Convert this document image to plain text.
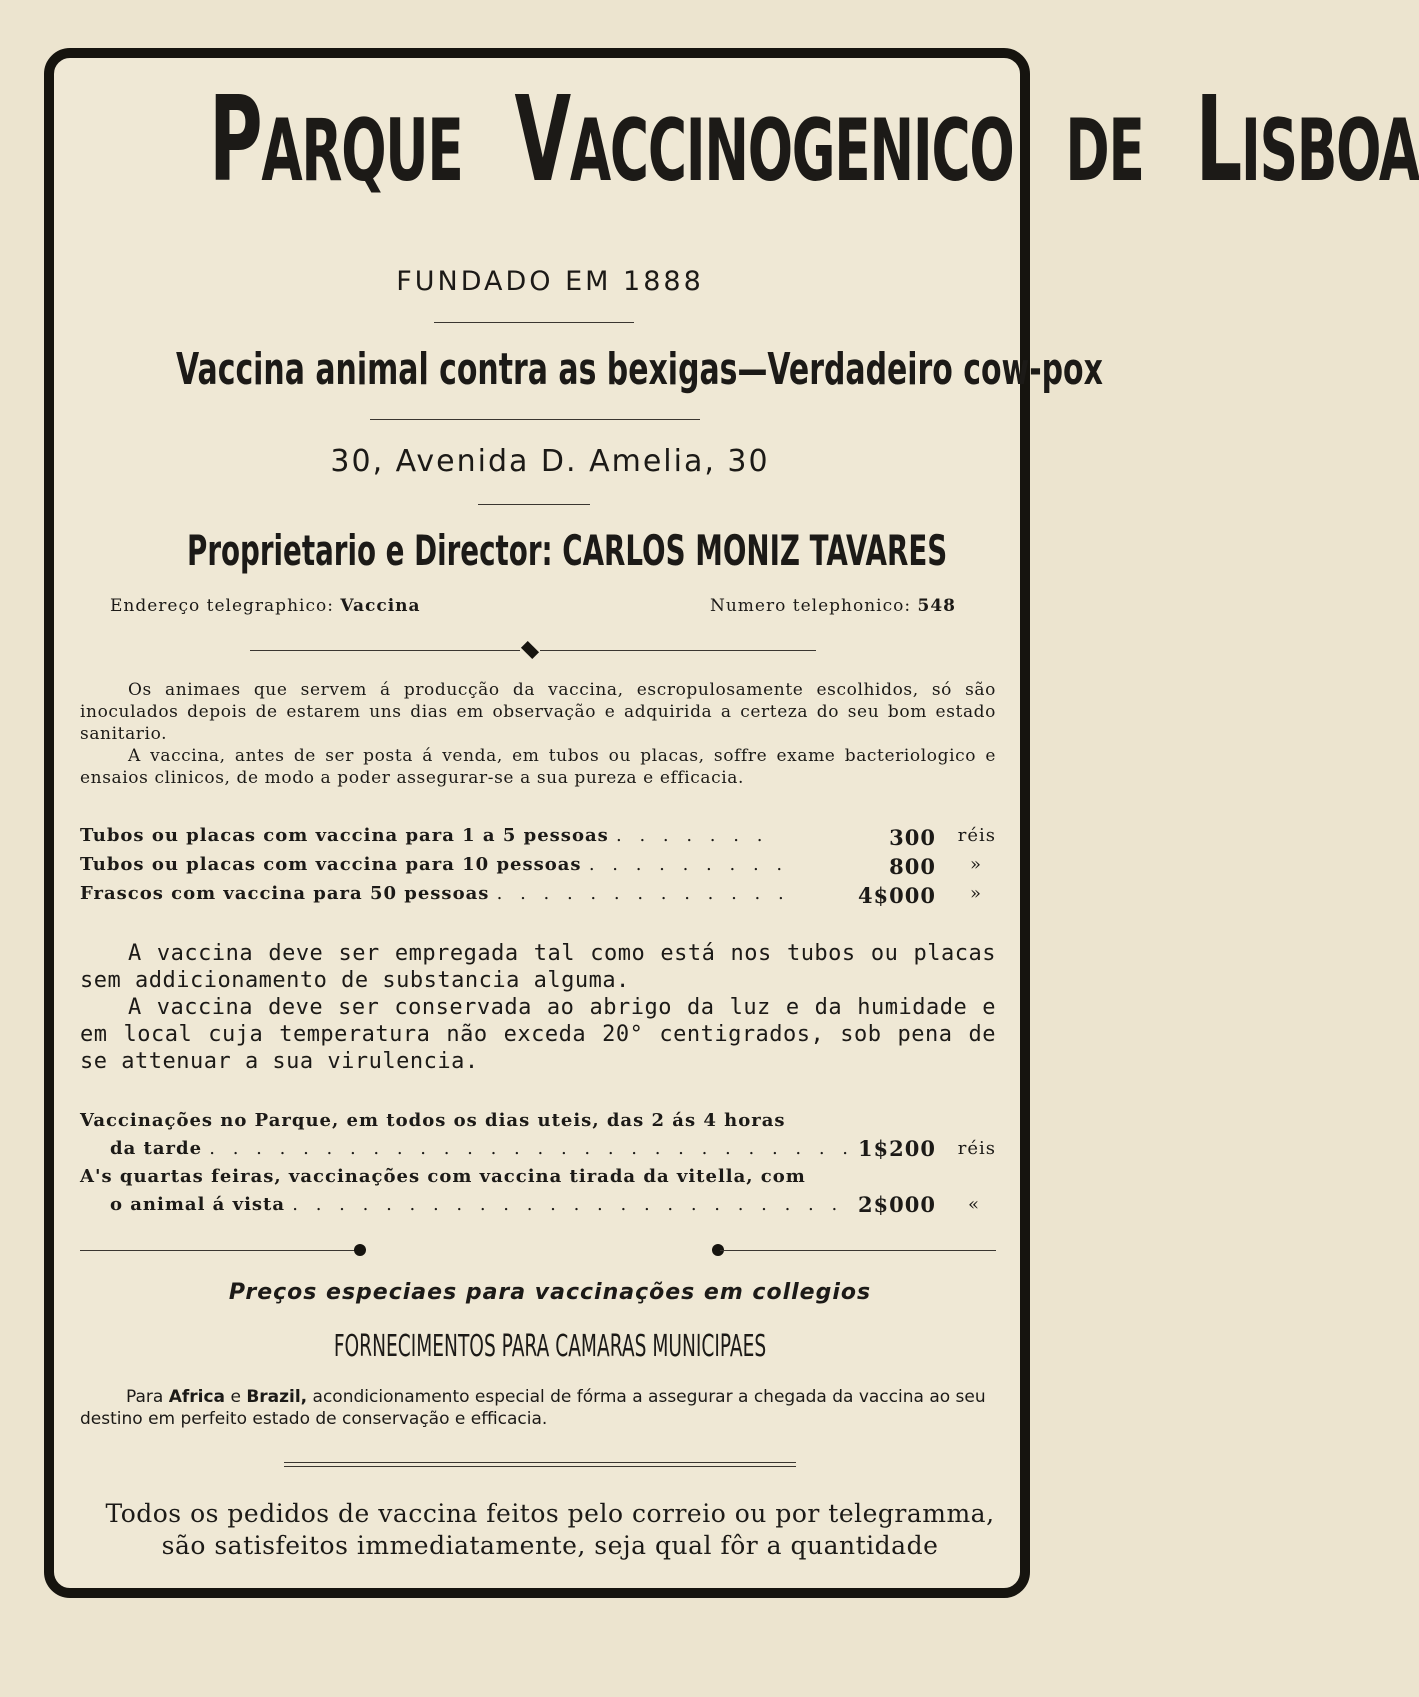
PARQUE VACCINOGENICO DE LISBOA
FUNDADO EM 1888
Vaccina animal contra as bexigas—Verdadeiro cow-pox
30, Avenida D. Amelia, 30
Proprietario e Director: CARLOS MONIZ TAVARES
Endereço telegraphico: Vaccina	Numero telephonico: 548
Os animaes que servem á producção da vaccina, escropulosamente escolhidos, só são inoculados depois de estarem uns dias em observação e adquirida a certeza do seu bom estado sanitario.
A vaccina, antes de ser posta á venda, em tubos ou placas, soffre exame bacteriologico e ensaios clinicos, de modo a poder assegurar-se a sua pureza e efficacia.
Tubos ou placas com vaccina para 1 a 5 pessoas . . . . . . .	300 réis
Tubos ou placas com vaccina para 10 pessoas . . . . . . . . .	800 »
Frascos com vaccina para 50 pessoas . . . . . . . . . . . . .	4$000 »
A vaccina deve ser empregada tal como está nos tubos ou placas sem addicionamento de substancia alguma.
A vaccina deve ser conservada ao abrigo da luz e da humidade e em local cuja temperatura não exceda 20° centigrados, sob pena de se attenuar a sua virulencia.
Vaccinações no Parque, em todos os dias uteis, das 2 ás 4 horas
da tarde . . . . . . . . . . . . . . . . . . . . . . . . . . . . 1$200 réis
A's quartas feiras, vaccinações com vaccina tirada da vitella, com
o animal á vista . . . . . . . . . . . . . . . . . . . . . . . . 2$000 «
Preços especiaes para vaccinações em collegios
FORNECIMENTOS PARA CAMARAS MUNICIPAES
Para Africa e Brazil, acondicionamento especial de fórma a assegurar a chegada da vaccina ao seu destino em perfeito estado de conservação e efficacia.
Todos os pedidos de vaccina feitos pelo correio ou por telegramma,
são satisfeitos immediatamente, seja qual fôr a quantidade
